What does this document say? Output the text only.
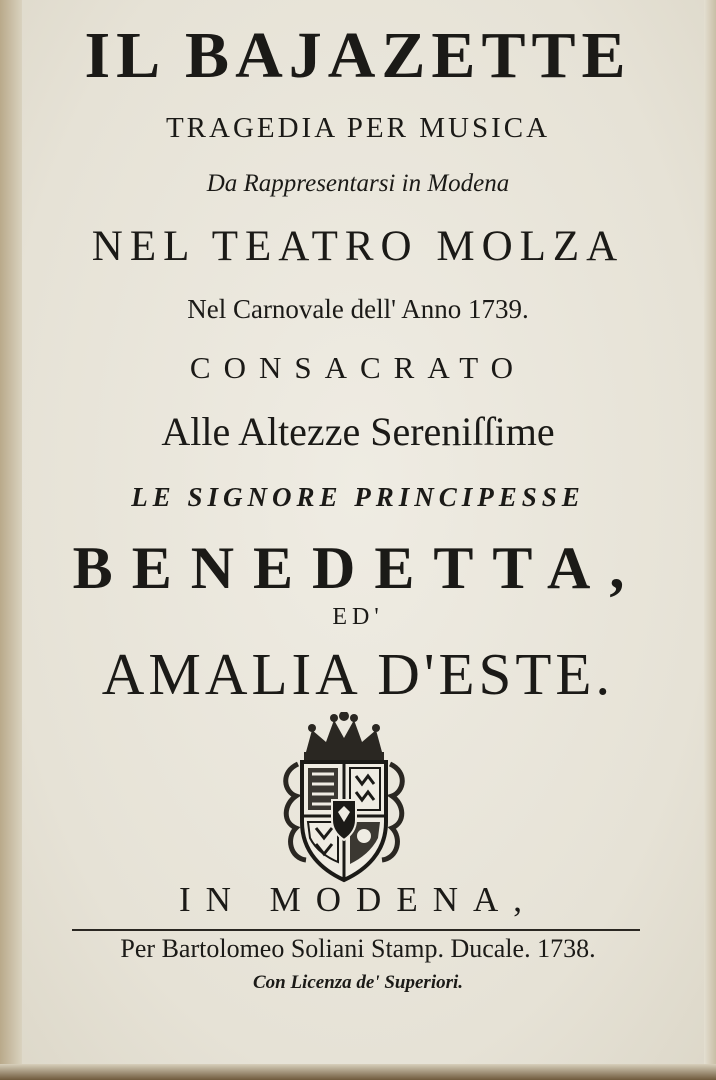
IL BAJAZETTE
TRAGEDIA PER MUSICA
Da Rappresentarsi in Modena
NEL TEATRO MOLZA
Nel Carnovale dell' Anno 1739.
CONSACRATO
Alle Altezze Sereniſſime
LE SIGNORE PRINCIPESSE
BENEDETTA,
ED'
AMALIA D'ESTE.
IN MODENA,
Per Bartolomeo Soliani Stamp. Ducale. 1738.
Con Licenza de' Superiori.
